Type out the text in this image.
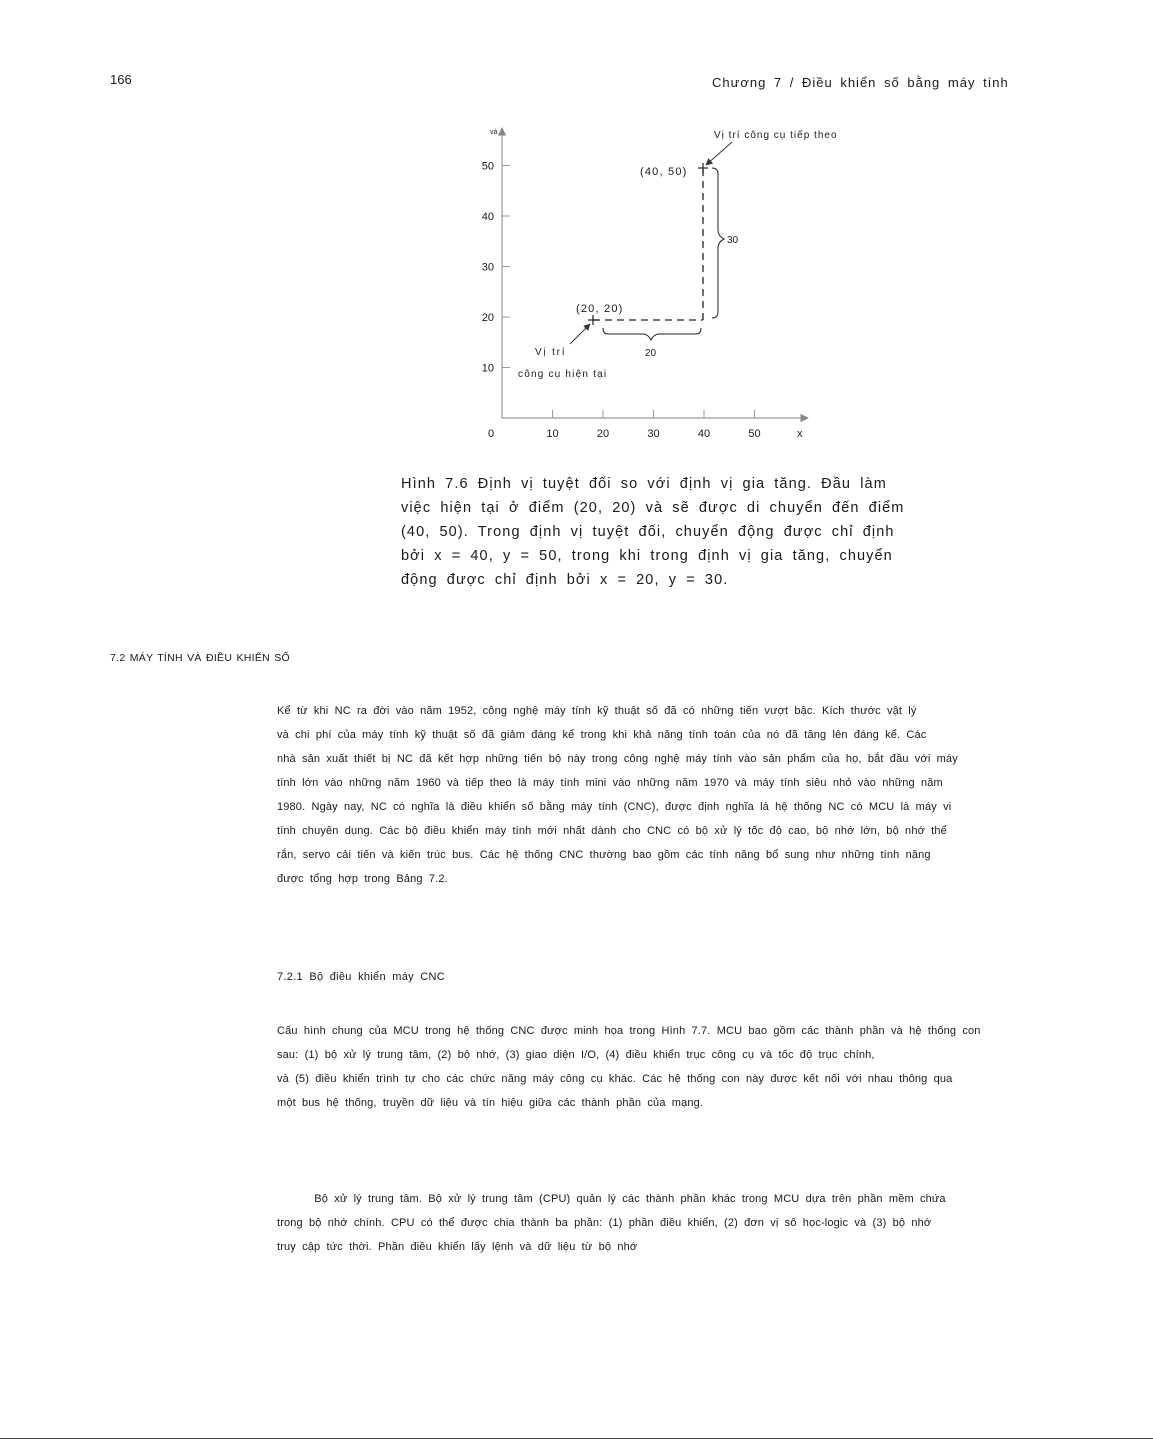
166	Chương 7 / Điều khiển số bằng máy tính
10	20	30	40	50
10
20
30
40
50
và
x
0
(20, 20)
(40, 50)
20
30
Vị trí
công cụ hiện tại
Vị trí công cụ tiếp theo
Hình 7.6 Định vị tuyệt đối so với định vị gia tăng. Đầu làm
việc hiện tại ở điểm (20, 20) và sẽ được di chuyển đến điểm
(40, 50). Trong định vị tuyệt đối, chuyển động được chỉ định
bởi x = 40, y = 50, trong khi trong định vị gia tăng, chuyển
động được chỉ định bởi x = 20, y = 30.
7.2 MÁY TÍNH VÀ ĐIỀU KHIỂN SỐ
Kể từ khi NC ra đời vào năm 1952, công nghệ máy tính kỹ thuật số đã có những tiến vượt bậc. Kích thước vật lý
và chi phí của máy tính kỹ thuật số đã giảm đáng kể trong khi khả năng tính toán của nó đã tăng lên đáng kể. Các
nhà sản xuất thiết bị NC đã kết hợp những tiến bộ này trong công nghệ máy tính vào sản phẩm của họ, bắt đầu với máy
tính lớn vào những năm 1960 và tiếp theo là máy tính mini vào những năm 1970 và máy tính siêu nhỏ vào những năm
1980. Ngày nay, NC có nghĩa là điều khiển số bằng máy tính (CNC), được định nghĩa là hệ thống NC có MCU là máy vi
tính chuyên dụng. Các bộ điều khiển máy tính mới nhất dành cho CNC có bộ xử lý tốc độ cao, bộ nhớ lớn, bộ nhớ thể
rắn, servo cải tiến và kiến trúc bus. Các hệ thống CNC thường bao gồm các tính năng bổ sung như những tính năng
được tổng hợp trong Bảng 7.2.
7.2.1 Bộ điều khiển máy CNC
Cấu hình chung của MCU trong hệ thống CNC được minh họa trong Hình 7.7. MCU bao gồm các thành phần và hệ thống con
sau: (1) bộ xử lý trung tâm, (2) bộ nhớ, (3) giao diện I/O, (4) điều khiển trục công cụ và tốc độ trục chính,
và (5) điều khiển trình tự cho các chức năng máy công cụ khác. Các hệ thống con này được kết nối với nhau thông qua
một bus hệ thống, truyền dữ liệu và tín hiệu giữa các thành phần của mạng.
Bộ xử lý trung tâm. Bộ xử lý trung tâm (CPU) quản lý các thành phần khác trong MCU dựa trên phần mềm chứa
trong bộ nhớ chính. CPU có thể được chia thành ba phần: (1) phần điều khiển, (2) đơn vị số học-logic và (3) bộ nhớ
truy cập tức thời. Phần điều khiển lấy lệnh và dữ liệu từ bộ nhớ
